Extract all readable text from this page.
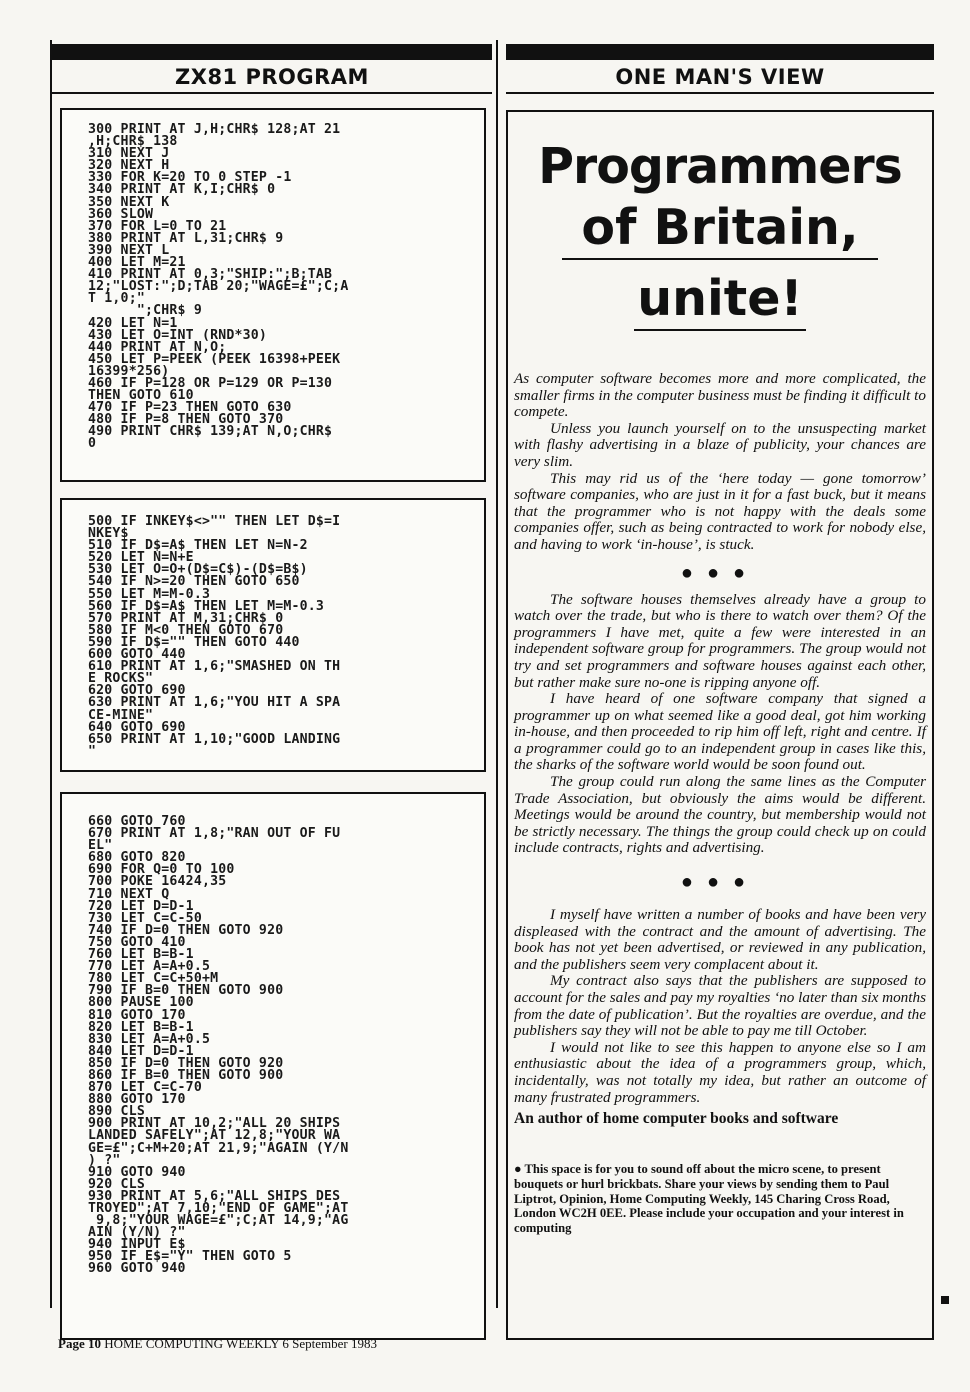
ZX81 PROGRAM
300 PRINT AT J,H;CHR$ 128;AT 21
,H;CHR$ 138
310 NEXT J
320 NEXT H
330 FOR K=20 TO 0 STEP -1
340 PRINT AT K,I;CHR$ 0
350 NEXT K
360 SLOW
370 FOR L=0 TO 21
380 PRINT AT L,31;CHR$ 9
390 NEXT L
400 LET M=21
410 PRINT AT 0,3;"SHIP:";B;TAB
12;"LOST:";D;TAB 20;"WAGE=£";C;A
T 1,0;"
";CHR$ 9
420 LET N=1
430 LET O=INT (RND*30)
440 PRINT AT N,O;
450 LET P=PEEK (PEEK 16398+PEEK
16399*256)
460 IF P=128 OR P=129 OR P=130
THEN GOTO 610
470 IF P=23 THEN GOTO 630
480 IF P=8 THEN GOTO 370
490 PRINT CHR$ 139;AT N,O;CHR$
0
500 IF INKEY$<>"" THEN LET D$=I
NKEY$
510 IF D$=A$ THEN LET N=N-2
520 LET N=N+E
530 LET O=O+(D$=C$)-(D$=B$)
540 IF N>=20 THEN GOTO 650
550 LET M=M-0.3
560 IF D$=A$ THEN LET M=M-0.3
570 PRINT AT M,31;CHR$ 0
580 IF M<0 THEN GOTO 670
590 IF D$="" THEN GOTO 440
600 GOTO 440
610 PRINT AT 1,6;"SMASHED ON TH
E ROCKS"
620 GOTO 690
630 PRINT AT 1,6;"YOU HIT A SPA
CE-MINE"
640 GOTO 690
650 PRINT AT 1,10;"GOOD LANDING
"
660 GOTO 760
670 PRINT AT 1,8;"RAN OUT OF FU
EL"
680 GOTO 820
690 FOR Q=0 TO 100
700 POKE 16424,35
710 NEXT Q
720 LET D=D-1
730 LET C=C-50
740 IF D=0 THEN GOTO 920
750 GOTO 410
760 LET B=B-1
770 LET A=A+0.5
780 LET C=C+50+M
790 IF B=0 THEN GOTO 900
800 PAUSE 100
810 GOTO 170
820 LET B=B-1
830 LET A=A+0.5
840 LET D=D-1
850 IF D=0 THEN GOTO 920
860 IF B=0 THEN GOTO 900
870 LET C=C-70
880 GOTO 170
890 CLS
900 PRINT AT 10,2;"ALL 20 SHIPS
LANDED SAFELY";AT 12,8;"YOUR WA
GE=£";C+M+20;AT 21,9;"AGAIN (Y/N
) ?"
910 GOTO 940
920 CLS
930 PRINT AT 5,6;"ALL SHIPS DES
TROYED";AT 7,10;"END OF GAME";AT
9,8;"YOUR WAGE=£";C;AT 14,9;"AG
AIN (Y/N) ?"
940 INPUT E$
950 IF E$="Y" THEN GOTO 5
960 GOTO 940
ONE MAN'S VIEW
Programmers
of Britain,
unite!

As computer software becomes more and more complicated, the smaller firms in the computer business must be finding it difficult to compete.

Unless you launch yourself on to the unsuspecting market with flashy advertising in a blaze of publicity, your chances are very slim.

This may rid us of the ‘here today — gone tomorrow’ software companies, who are just in it for a fast buck, but it means that the programmer who is not happy with the deals some companies offer, such as being contracted to work for nobody else, and having to work ‘in-house’, is stuck.

●●●

The software houses themselves already have a group to watch over the trade, but who is there to watch over them? Of the programmers I have met, quite a few were interested in an independent software group for programmers. The group would not try and set programmers and software houses against each other, but rather make sure no-one is ripping anyone off.

I have heard of one software company that signed a programmer up on what seemed like a good deal, got him working in-house, and then proceeded to rip him off left, right and centre. If a programmer could go to an independent group in cases like this, the sharks of the software world would be soon found out.

The group could run along the same lines as the Computer Trade Association, but obviously the aims would be different. Meetings would be around the country, but membership would not be strictly necessary. The things the group could check up on could include contracts, rights and advertising.

●●●

I myself have written a number of books and have been very displeased with the contract and the amount of advertising. The book has not yet been advertised, or reviewed in any publication, and the publishers seem very complacent about it.

My contract also says that the publishers are supposed to account for the sales and pay my royalties ‘no later than six months from the date of publication’. But the royalties are overdue, and the publishers say they will not be able to pay me till October.

I would not like to see this happen to anyone else so I am enthusiastic about the idea of a programmers group, which, incidentally, was not totally my idea, but rather an outcome of many frustrated programmers.

An author of home computer books and software
● This space is for you to sound off about the micro scene, to present bouquets or hurl brickbats. Share your views by sending them to Paul Liptrot, Opinion, Home Computing Weekly, 145 Charing Cross Road, London WC2H 0EE. Please include your occupation and your interest in computing
Page 10 HOME COMPUTING WEEKLY 6 September 1983
